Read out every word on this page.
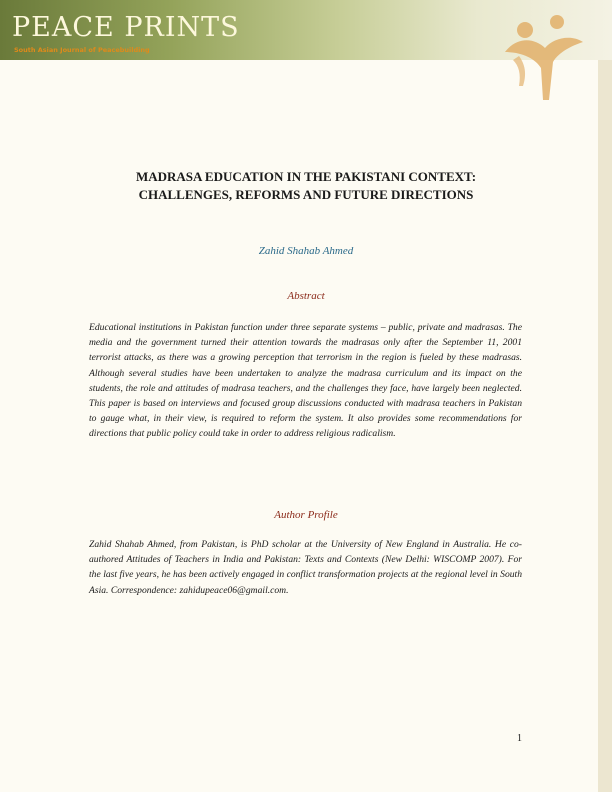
PEACE PRINTS
South Asian Journal of Peacebuilding
MADRASA EDUCATION IN THE PAKISTANI CONTEXT:
CHALLENGES, REFORMS AND FUTURE DIRECTIONS
Zahid Shahab Ahmed
Abstract

Educational institutions in Pakistan function under three separate systems – public, private and madrasas. The media and the government turned their attention towards the madrasas only after the September 11, 2001 terrorist attacks, as there was a growing perception that terrorism in the region is fueled by these madrasas. Although several studies have been undertaken to analyze the madrasa curriculum and its impact on the students, the role and attitudes of madrasa teachers, and the challenges they face, have largely been neglected. This paper is based on interviews and focused group discussions conducted with madrasa teachers in Pakistan to gauge what, in their view, is required to reform the system. It also provides some recommendations for directions that public policy could take in order to address religious radicalism.

Author Profile

Zahid Shahab Ahmed, from Pakistan, is PhD scholar at the University of New England in Australia. He co-authored Attitudes of Teachers in India and Pakistan: Texts and Contexts (New Delhi: WISCOMP 2007). For the last five years, he has been actively engaged in conflict transformation projects at the regional level in South Asia. Correspondence: zahidupeace06@gmail.com.

1
